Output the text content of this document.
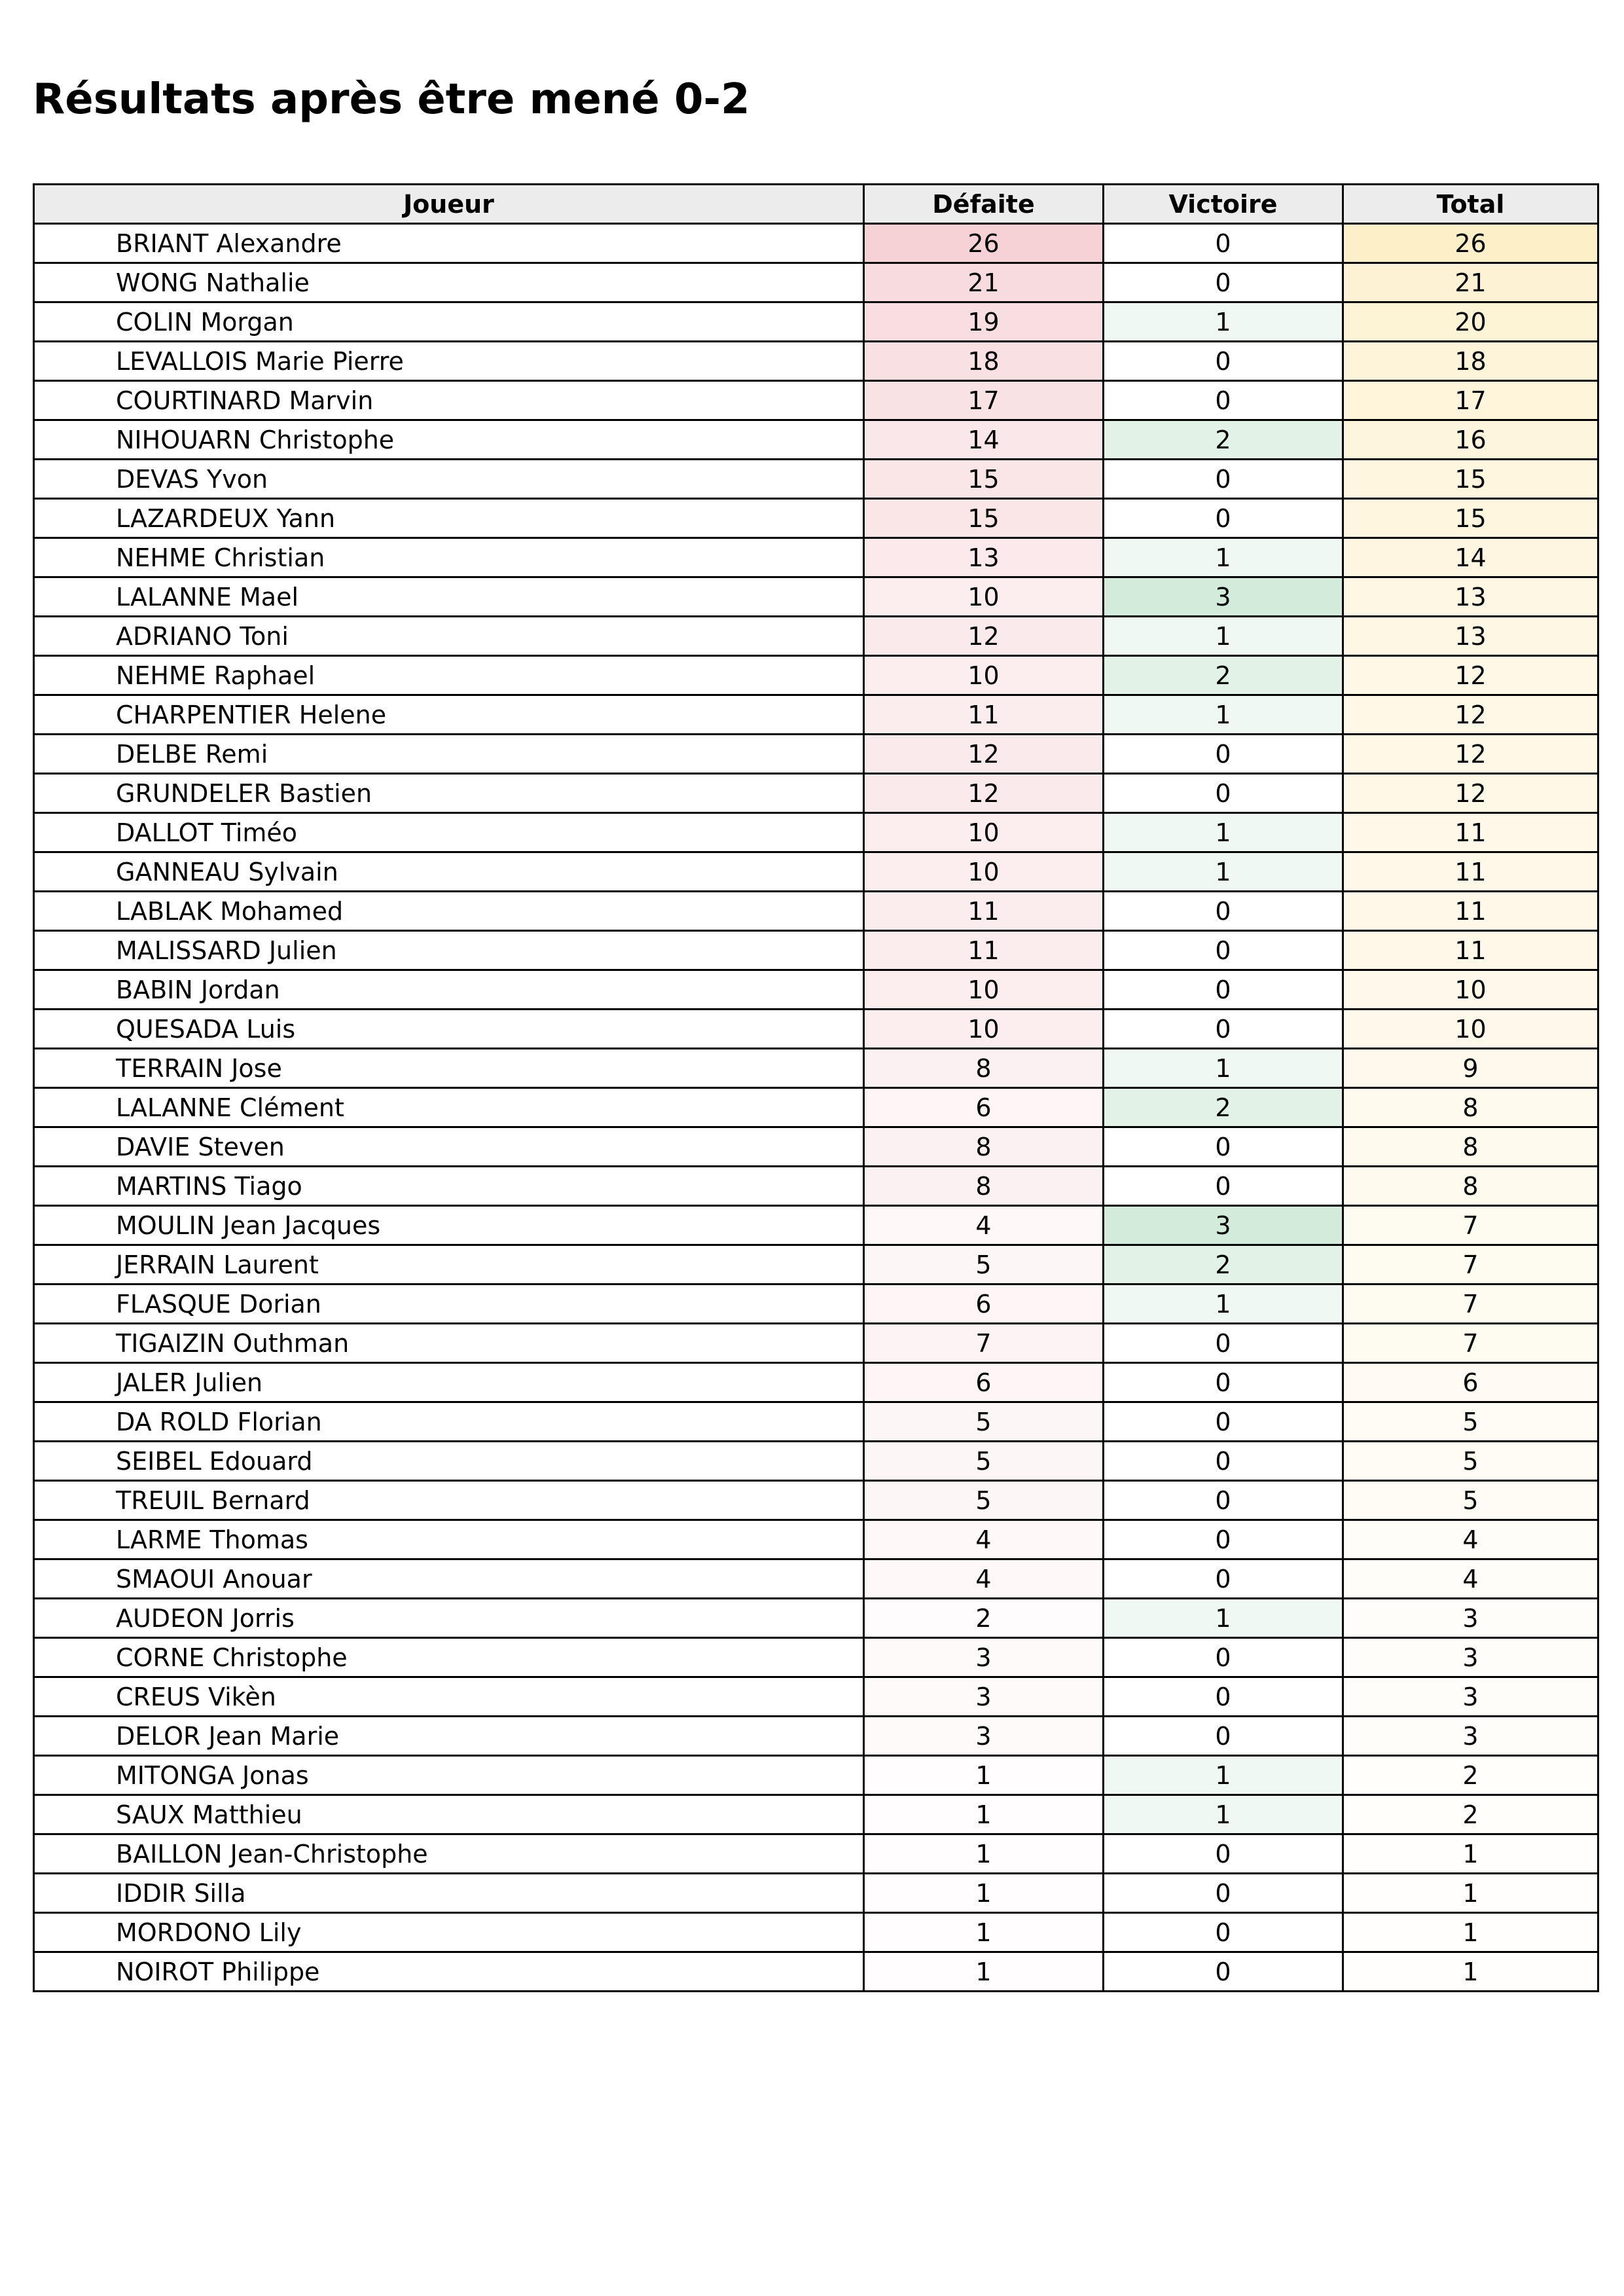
Résultats après être mené 0-2
Joueur	Défaite	Victoire	Total
BRIANT Alexandre	26	0	26
WONG Nathalie	21	0	21
COLIN Morgan	19	1	20
LEVALLOIS Marie Pierre	18	0	18
COURTINARD Marvin	17	0	17
NIHOUARN Christophe	14	2	16
DEVAS Yvon	15	0	15
LAZARDEUX Yann	15	0	15
NEHME Christian	13	1	14
LALANNE Mael	10	3	13
ADRIANO Toni	12	1	13
NEHME Raphael	10	2	12
CHARPENTIER Helene	11	1	12
DELBE Remi	12	0	12
GRUNDELER Bastien	12	0	12
DALLOT Timéo	10	1	11
GANNEAU Sylvain	10	1	11
LABLAK Mohamed	11	0	11
MALISSARD Julien	11	0	11
BABIN Jordan	10	0	10
QUESADA Luis	10	0	10
TERRAIN Jose	8	1	9
LALANNE Clément	6	2	8
DAVIE Steven	8	0	8
MARTINS Tiago	8	0	8
MOULIN Jean Jacques	4	3	7
JERRAIN Laurent	5	2	7
FLASQUE Dorian	6	1	7
TIGAIZIN Outhman	7	0	7
JALER Julien	6	0	6
DA ROLD Florian	5	0	5
SEIBEL Edouard	5	0	5
TREUIL Bernard	5	0	5
LARME Thomas	4	0	4
SMAOUI Anouar	4	0	4
AUDEON Jorris	2	1	3
CORNE Christophe	3	0	3
CREUS Vikèn	3	0	3
DELOR Jean Marie	3	0	3
MITONGA Jonas	1	1	2
SAUX Matthieu	1	1	2
BAILLON Jean-Christophe	1	0	1
IDDIR Silla	1	0	1
MORDONO Lily	1	0	1
NOIROT Philippe	1	0	1
